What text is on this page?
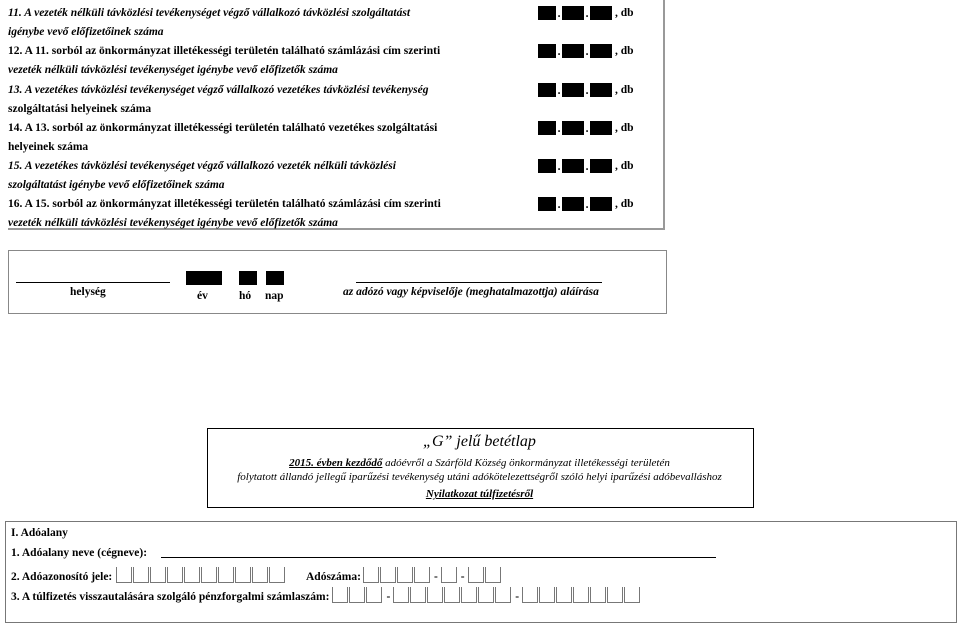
11. A vezeték nélküli távközlési tevékenységet végző vállalkozó távközlési szolgáltatást
igénybe vevő előfizetőinek száma
. . , db
12. A 11. sorból az önkormányzat illetékességi területén található számlázási cím szerinti
vezeték nélküli távközlési tevékenységet igénybe vevő előfizetők száma
. . , db
13. A vezetékes távközlési tevékenységet végző vállalkozó vezetékes távközlési tevékenység
szolgáltatási helyeinek száma
. . , db
14. A 13. sorból az önkormányzat illetékességi területén található vezetékes szolgáltatási
helyeinek száma
. . , db
15. A vezetékes távközlési tevékenységet végző vállalkozó vezeték nélküli távközlési
szolgáltatást igénybe vevő előfizetőinek száma
. . , db
16. A 15. sorból az önkormányzat illetékességi területén található számlázási cím szerinti
vezeték nélküli távközlési tevékenységet igénybe vevő előfizetők száma
. . , db
helység
	év	hó nap	az adózó vagy képviselője (meghatalmazottja) aláírása
„G” jelű betétlap
2015. évben kezdődő adóévről a Szárföld Község önkormányzat illetékességi területén
folytatott állandó jellegű iparűzési tevékenység utáni adókötelezettségről szóló helyi iparűzési adóbevalláshoz
Nyilatkozat túlfizetésről
I. Adóalany
1. Adóalany neve (cégneve):
2. Adóazonosító jele:	Adószáma:	- -
3. A túlfizetés visszautalására szolgáló pénzforgalmi számlaszám:	-	-
